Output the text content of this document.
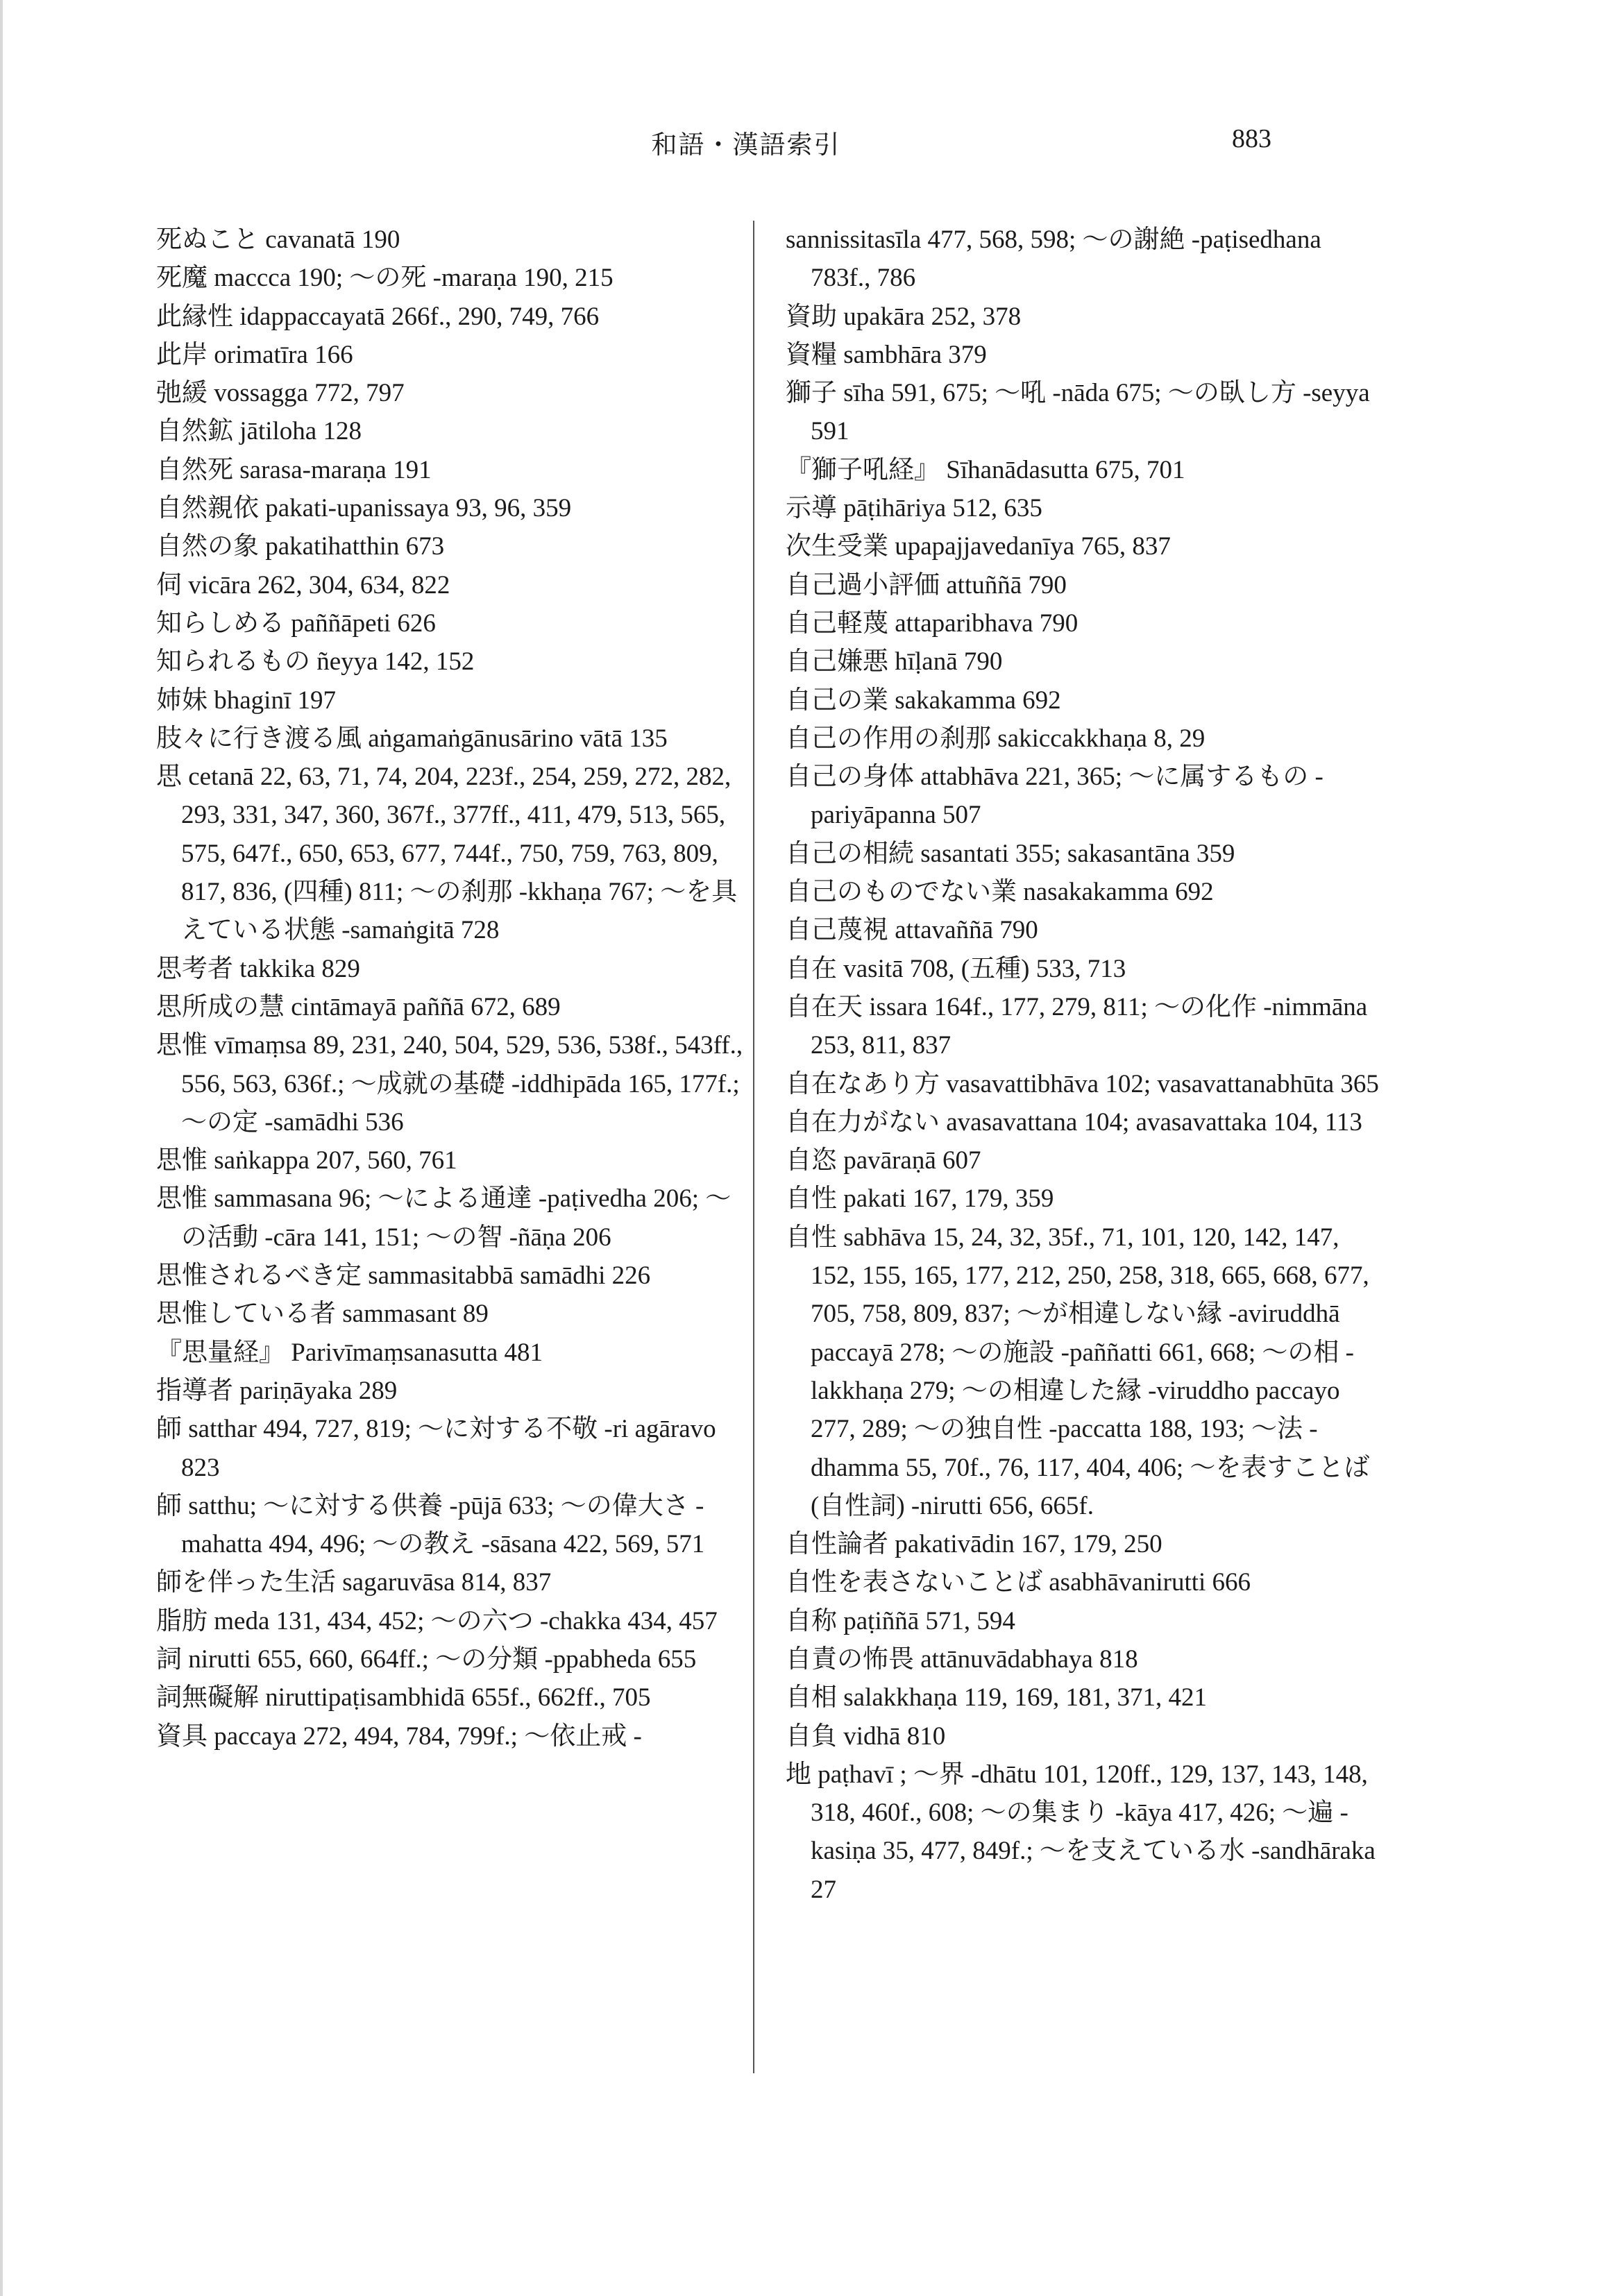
和語・漢語索引	883

死ぬこと cavanatā 190

死魔 maccca 190; ～の死 -maraṇa 190, 215

此縁性 idappaccayatā 266f., 290, 749, 766

此岸 orimatīra 166

弛緩 vossagga 772, 797

自然鉱 jātiloha 128

自然死 sarasa-maraṇa 191

自然親依 pakati-upanissaya 93, 96, 359

自然の象 pakatihatthin 673

伺 vicāra 262, 304, 634, 822

知らしめる paññāpeti 626

知られるもの ñeyya 142, 152

姉妹 bhaginī 197

肢々に行き渡る風 aṅgamaṅgānusārino vātā 135

思 cetanā 22, 63, 71, 74, 204, 223f., 254, 259, 272, 282, 293, 331, 347, 360, 367f., 377ff., 411, 479, 513, 565, 575, 647f., 650, 653, 677, 744f., 750, 759, 763, 809, 817, 836, (四種) 811; ～の刹那 -kkhaṇa 767; ～を具えている状態 -samaṅgitā 728

思考者 takkika 829

思所成の慧 cintāmayā paññā 672, 689

思惟 vīmaṃsa 89, 231, 240, 504, 529, 536, 538f., 543ff., 556, 563, 636f.; ～成就の基礎 -iddhipāda 165, 177f.; ～の定 -samādhi 536

思惟 saṅkappa 207, 560, 761

思惟 sammasana 96; ～による通達 -paṭivedha 206; ～の活動 -cāra 141, 151; ～の智 -ñāṇa 206

思惟されるべき定 sammasitabbā samādhi 226

思惟している者 sammasant 89

『思量経』 Parivīmaṃsanasutta 481

指導者 pariṇāyaka 289

師 satthar 494, 727, 819; ～に対する不敬 -ri agāravo 823

師 satthu; ～に対する供養 -pūjā 633; ～の偉大さ -mahatta 494, 496; ～の教え -sāsana 422, 569, 571

師を伴った生活 sagaruvāsa 814, 837

脂肪 meda 131, 434, 452; ～の六つ -chakka 434, 457

詞 nirutti 655, 660, 664ff.; ～の分類 -ppabheda 655

詞無礙解 niruttipaṭisambhidā 655f., 662ff., 705

資具 paccaya 272, 494, 784, 799f.; ～依止戒 -

sannissitasīla 477, 568, 598; ～の謝絶 -paṭisedhana 783f., 786

資助 upakāra 252, 378

資糧 sambhāra 379

獅子 sīha 591, 675; ～吼 -nāda 675; ～の臥し方 -seyya 591

『獅子吼経』 Sīhanādasutta 675, 701

示導 pāṭihāriya 512, 635

次生受業 upapajjavedanīya 765, 837

自己過小評価 attuññā 790

自己軽蔑 attaparibhava 790

自己嫌悪 hīḷanā 790

自己の業 sakakamma 692

自己の作用の刹那 sakiccakkhaṇa 8, 29

自己の身体 attabhāva 221, 365; ～に属するもの -pariyāpanna 507

自己の相続 sasantati 355; sakasantāna 359

自己のものでない業 nasakakamma 692

自己蔑視 attavaññā 790

自在 vasitā 708, (五種) 533, 713

自在天 issara 164f., 177, 279, 811; ～の化作 -nimmāna 253, 811, 837

自在なあり方 vasavattibhāva 102; vasavattanabhūta 365

自在力がない avasavattana 104; avasavattaka 104, 113

自恣 pavāraṇā 607

自性 pakati 167, 179, 359

自性 sabhāva 15, 24, 32, 35f., 71, 101, 120, 142, 147, 152, 155, 165, 177, 212, 250, 258, 318, 665, 668, 677, 705, 758, 809, 837; ～が相違しない縁 -aviruddhā paccayā 278; ～の施設 -paññatti 661, 668; ～の相 -lakkhaṇa 279; ～の相違した縁 -viruddho paccayo 277, 289; ～の独自性 -paccatta 188, 193; ～法 -dhamma 55, 70f., 76, 117, 404, 406; ～を表すことば (自性詞) -nirutti 656, 665f.

自性論者 pakativādin 167, 179, 250

自性を表さないことば asabhāvanirutti 666

自称 paṭiññā 571, 594

自責の怖畏 attānuvādabhaya 818

自相 salakkhaṇa 119, 169, 181, 371, 421

自負 vidhā 810

地 paṭhavī ; ～界 -dhātu 101, 120ff., 129, 137, 143, 148, 318, 460f., 608; ～の集まり -kāya 417, 426; ～遍 -kasiṇa 35, 477, 849f.; ～を支えている水 -sandhāraka 27
